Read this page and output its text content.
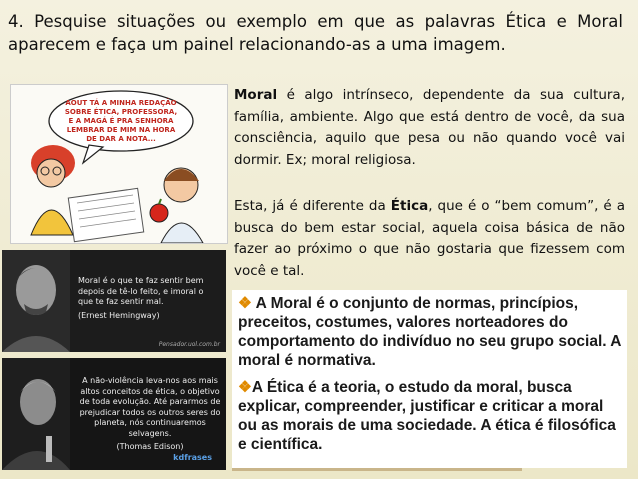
4. Pesquise situações ou exemplo em que as palavras Ética e Moral aparecem e faça um painel relacionando-as a uma imagem.
AOUT TÁ A MINHA REDAÇÃO
SOBRE ÉTICA, PROFESSORA,
E A MAGÁ É PRA SENHORA
LEMBRAR DE MIM NA HORA
DE DAR A NOTA...
Moral é algo intrínseco, dependente da sua cultura, família, ambiente. Algo que está dentro de você, da sua consciência, aquilo que pesa ou não quando você vai dormir. Ex; moral religiosa.
Esta, já é diferente da Ética, que é o “bem comum”, é a busca do bem estar social, aquela coisa básica de não fazer ao próximo o que não gostaria que fizessem com você e tal.
Moral é o que te faz sentir bem depois de tê-lo feito, e imoral o que te faz sentir mal.
(Ernest Hemingway)
Pensador.uol.com.br
A não-violência leva-nos aos mais altos conceitos de ética, o objetivo de toda evolução. Até pararmos de prejudicar todos os outros seres do planeta, nós continuaremos selvagens.
(Thomas Edison)
kdfrases

❖ A Moral é o conjunto de normas, princípios, preceitos, costumes, valores norteadores do comportamento do indivíduo no seu grupo social. A moral é normativa.

❖A Ética é a teoria, o estudo da moral, busca explicar, compreender, justificar e criticar a moral ou as morais de uma sociedade. A ética é filosófica e científica.
